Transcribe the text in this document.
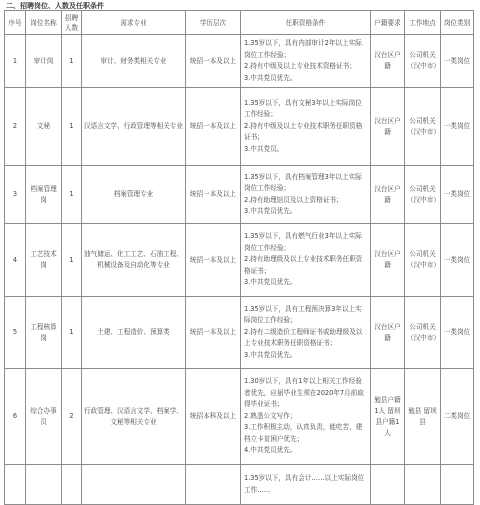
二、招聘岗位、人数及任职条件
序号	岗位名称	招聘人数	需求专业	学历层次	任职资格条件	户籍要求	工作地点	岗位类别
1	审计岗	1	审计、财务类相关专业	统招一本及以上	1.35岁以下，具有内部审计2年以上实际岗位工作经验；
2.持有中级及以上专业技术资格证书；
3.中共党员优先。	汉台区户籍	公司机关（汉中市）	一类岗位
2	文秘	1	汉语言文学、行政管理等相关专业	统招一本及以上	1.35岁以下，具有文秘3年以上实际岗位工作经验；
2.持有中级及以上专业技术职务任职资格证书；
3.中共党员。	汉台区户籍	公司机关（汉中市）	一类岗位
3	档案管理岗	1	档案管理专业	统招一本及以上	1.35岁以下，具有档案管理3年以上实际岗位工作经验；
2.持有助理馆员及以上资格证书；
3.中共党员优先。	汉台区户籍	公司机关（汉中市）	一类岗位
4	工艺技术岗	1	油气储运、化工工艺、石油工程、机械设备及自动化等专业	统招一本及以上	1.35岁以下，具有燃气行业3年以上实际岗位工作经验；
2.持有助理级及以上专业技术职务任职资格证书；
3.中共党员优先。	汉台区户籍	公司机关（汉中市）	一类岗位
5	工程核算岗	1	土建、工程造价、预算类	统招一本及以上	1.35岁以下，具有工程预决算3年以上实际岗位工作经验；
2.持有二级造价工程师证书或助理级及以上专业技术职务任职资格证书；
3.中共党员优先。	汉台区户籍	公司机关（汉中市）	一类岗位
6	综合办事员	2	行政管理、汉语言文学、档案学、文秘等相关专业	统招本科及以上	1.30岁以下，具有1年以上相关工作经验者优先，应届毕业生须在2020年7月前取得毕业证书；
2.熟悉公文写作；
3.工作积极主动，认真负责，能吃苦，建档立卡贫困户优先；
4.中共党员优先。	勉县户籍1人 留坝县户籍1人	勉县 留坝县	二类岗位

					1.35岁以下，具有会计……以上实际岗位工作……			
